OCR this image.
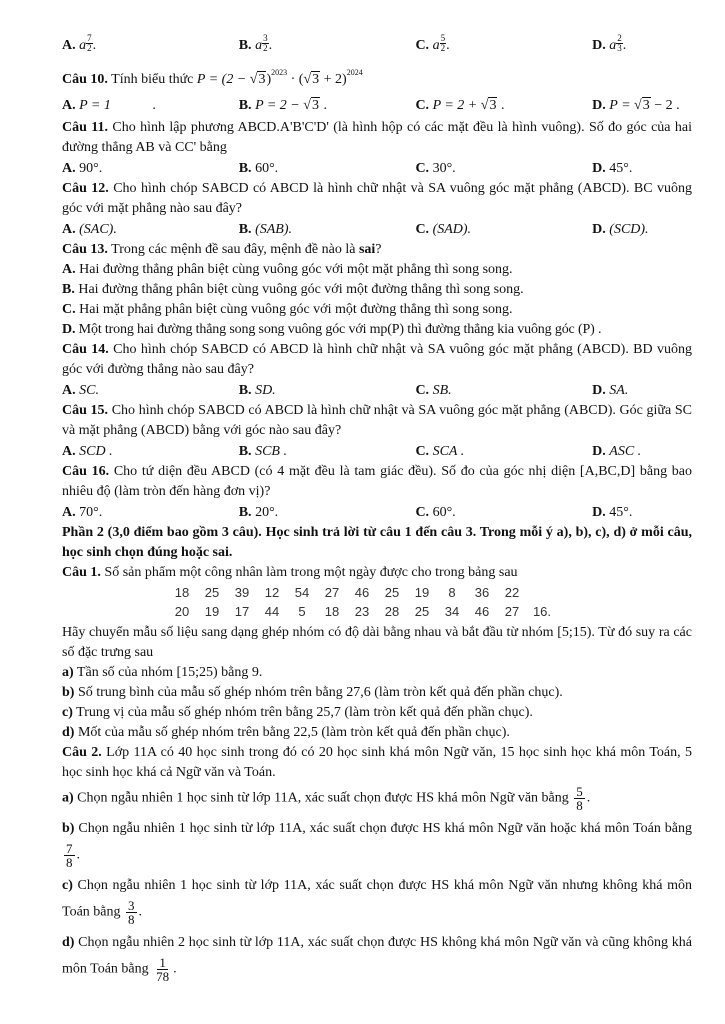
A. a $^{\frac{7}{2}}$ .	B. a $^{\frac{3}{2}}$ .	C. a $^{\frac{5}{2}}$ .	D. a $^{\frac{2}{3}}$ .
Câu 10. Tính biểu thức $P = (2 - √3)^{2023} \cdot (√3 + 2)^{2024}$
A. P = 1	.	B. P = 2 − √3 .	C. P = 2 + √3 .	D. P = √3 − 2 .
Câu 11. Cho hình lập phương ABCD.A'B'C'D' (là hình hộp có các mặt đều là hình vuông). Số đo góc của hai đường thẳng AB và CC' bằng
A. 90°.	B. 60°.	C. 30°.	D. 45°.
Câu 12. Cho hình chóp SABCD có ABCD là hình chữ nhật và SA vuông góc mặt phẳng (ABCD). BC vuông góc với mặt phẳng nào sau đây?
A. (SAC).	B. (SAB).	C. (SAD).	D. (SCD).
Câu 13. Trong các mệnh đề sau đây, mệnh đề nào là sai?
A. Hai đường thẳng phân biệt cùng vuông góc với một mặt phẳng thì song song.
B. Hai đường thẳng phân biệt cùng vuông góc với một đường thẳng thì song song.
C. Hai mặt phẳng phân biệt cùng vuông góc với một đường thẳng thì song song.
D. Một trong hai đường thẳng song song vuông góc với mp(P) thì đường thẳng kia vuông góc (P) .
Câu 14. Cho hình chóp SABCD có ABCD là hình chữ nhật và SA vuông góc mặt phẳng (ABCD). BD vuông góc với đường thẳng nào sau đây?
A. SC.	B. SD.	C. SB.	D. SA.
Câu 15. Cho hình chóp SABCD có ABCD là hình chữ nhật và SA vuông góc mặt phẳng (ABCD). Góc giữa SC và mặt phẳng (ABCD) bằng với góc nào sau đây?
A. SCD .	B. SCB .	C. SCA .	D. ASC .
Câu 16. Cho tứ diện đều ABCD (có 4 mặt đều là tam giác đều). Số đo của góc nhị diện [A,BC,D] bằng bao nhiêu độ (làm tròn đến hàng đơn vị)?
A. 70°.	B. 20°.	C. 60°.	D. 45°.
Phần 2 (3,0 điểm bao gồm 3 câu). Học sinh trả lời từ câu 1 đến câu 3. Trong mỗi ý a), b), c), d) ở mỗi câu, học sinh chọn đúng hoặc sai.
Câu 1. Số sản phẩm một công nhân làm trong một ngày được cho trong bảng sau
18	25	39	12	54	27	46	25	19	8	36	22	
20	19	17	44	5	18	23	28	25	34	46	27	16.
Hãy chuyển mẫu số liệu sang dạng ghép nhóm có độ dài bằng nhau và bắt đầu từ nhóm [5;15). Từ đó suy ra các số đặc trưng sau
a) Tần số của nhóm [15;25) bằng 9.
b) Số trung bình của mẫu số ghép nhóm trên bằng 27,6 (làm tròn kết quả đến phần chục).
c) Trung vị của mẫu số ghép nhóm trên bằng 25,7 (làm tròn kết quả đến phần chục).
d) Mốt của mẫu số ghép nhóm trên bằng 22,5 (làm tròn kết quả đến phần chục).
Câu 2. Lớp 11A có 40 học sinh trong đó có 20 học sinh khá môn Ngữ văn, 15 học sinh học khá môn Toán, 5 học sinh học khá cả Ngữ văn và Toán.
a) Chọn ngẫu nhiên 1 học sinh từ lớp 11A, xác suất chọn được HS khá môn Ngữ văn bằng $\frac{5}{8}$ .
b) Chọn ngẫu nhiên 1 học sinh từ lớp 11A, xác suất chọn được HS khá môn Ngữ văn hoặc khá môn Toán bằng
$\frac{7}{8}$ .
c) Chọn ngẫu nhiên 1 học sinh từ lớp 11A, xác suất chọn được HS khá môn Ngữ văn nhưng không khá môn Toán bằng $\frac{3}{8}$ .
d) Chọn ngẫu nhiên 2 học sinh từ lớp 11A, xác suất chọn được HS không khá môn Ngữ văn và cũng không khá môn Toán bằng $\frac{1}{78}$ .
